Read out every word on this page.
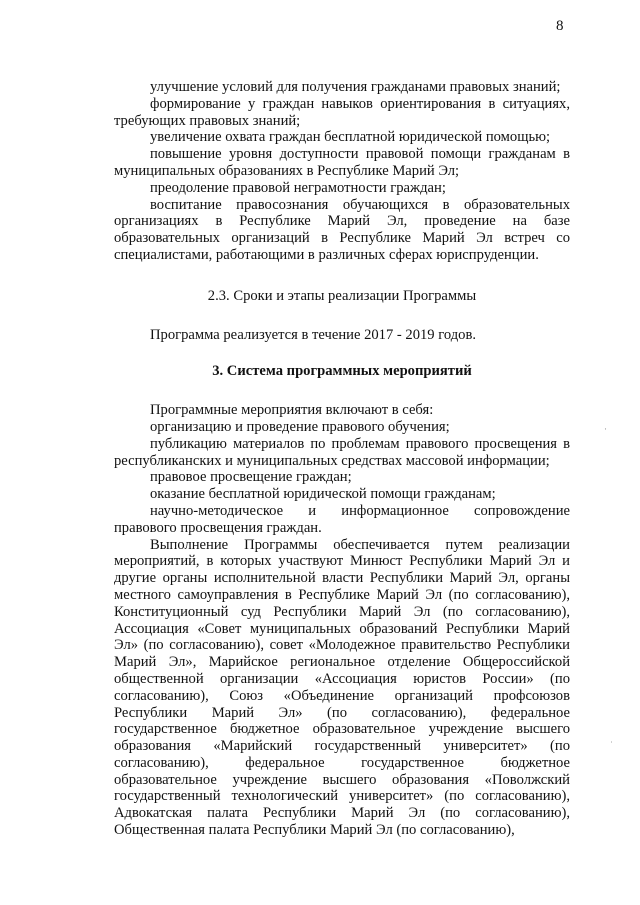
8

улучшение условий для получения гражданами правовых знаний;

формирование у граждан навыков ориентирования в ситуациях, требующих правовых знаний;

увеличение охвата граждан бесплатной юридической помощью;

повышение уровня доступности правовой помощи гражданам в муниципальных образованиях в Республике Марий Эл;

преодоление правовой неграмотности граждан;

воспитание правосознания обучающихся в образовательных организациях в Республике Марий Эл, проведение на базе образовательных организаций в Республике Марий Эл встреч со специалистами, работающими в различных сферах юриспруденции.

2.3. Сроки и этапы реализации Программы

Программа реализуется в течение 2017 - 2019 годов.

3. Система программных мероприятий

Программные мероприятия включают в себя:

организацию и проведение правового обучения;

публикацию материалов по проблемам правового просвещения в республиканских и муниципальных средствах массовой информации;

правовое просвещение граждан;

оказание бесплатной юридической помощи гражданам;

научно-методическое и информационное сопровождение правового просвещения граждан.

Выполнение Программы обеспечивается путем реализации мероприятий, в которых участвуют Минюст Республики Марий Эл и другие органы исполнительной власти Республики Марий Эл, органы местного самоуправления в Республике Марий Эл (по согласованию), Конституционный суд Республики Марий Эл (по согласованию), Ассоциация «Совет муниципальных образований Республики Марий Эл» (по согласованию), совет «Молодежное правительство Республики Марий Эл», Марийское региональное отделение Общероссийской общественной организации «Ассоциация юристов России» (по согласованию), Союз «Объединение организаций профсоюзов Республики Марий Эл» (по согласованию), федеральное государственное бюджетное образовательное учреждение высшего образования «Марийский государственный университет» (по согласованию), федеральное государственное бюджетное образовательное учреждение высшего образования «Поволжский государственный технологический университет» (по согласованию), Адвокатская палата Республики Марий Эл (по согласованию), Общественная палата Республики Марий Эл (по согласованию),

·
˙
